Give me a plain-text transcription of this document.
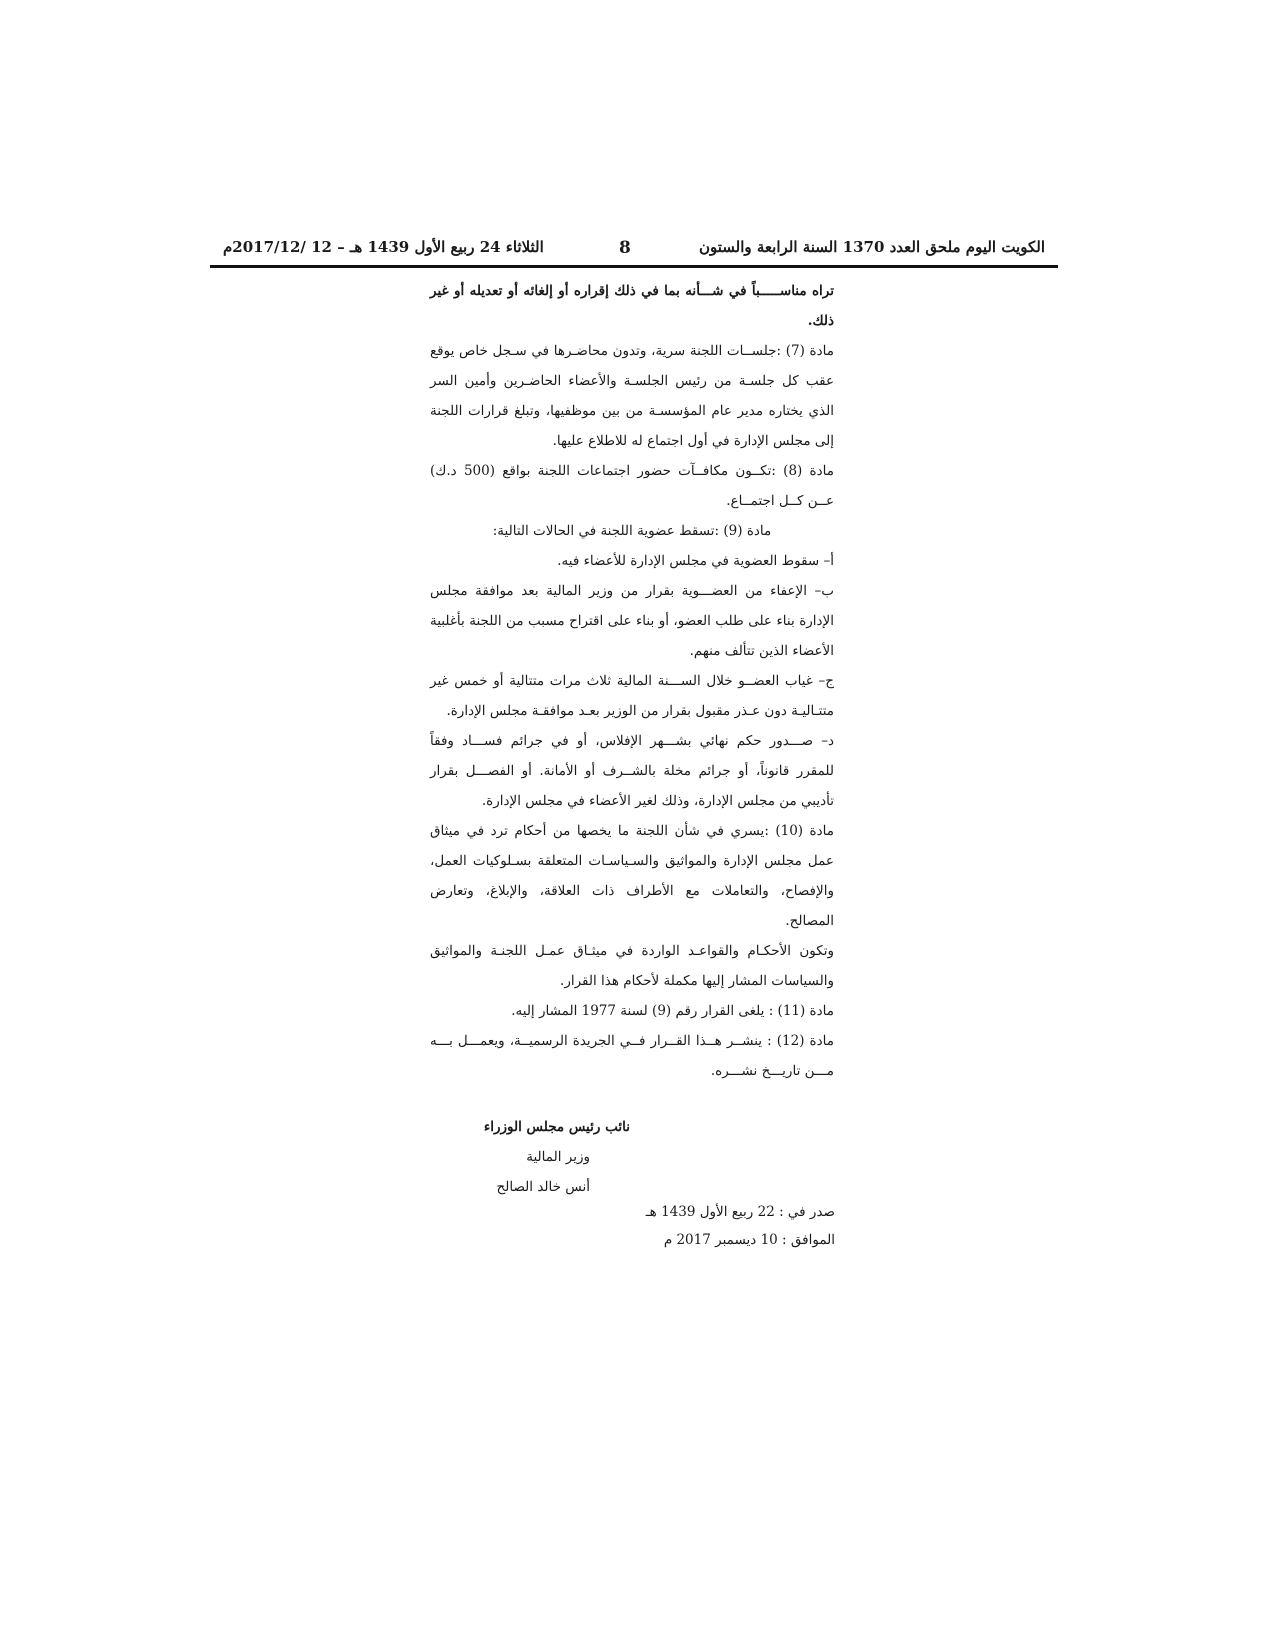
الكويت اليوم ملحق العدد 1370 السنة الرابعة والستون
8
الثلاثاء 24 ربيع الأول 1439 هـ – 12 /2017/12م

تراه مناســـــباً في شـــأنه بما في ذلك إقراره أو إلغائه أو تعديله أو غير ذلك.

مادة (7) :جلســات اللجنة سرية، وتدون محاضـرها في سـجل خاص يوقع عقب كل جلسـة من رئيس الجلسـة والأعضاء الحاضـرين وأمين السر الذي يختاره مدير عام المؤسسـة من بين موظفيها، وتبلغ قرارات اللجنة إلى مجلس الإدارة في أول اجتماع له للاطلاع عليها.

مادة (8) :تكــون مكافــآت حضور اجتماعات اللجنة بواقع (500 د.ك) عــن كــل اجتمــاع.

مادة (9) :تسقط عضوية اللجنة في الحالات التالية:

أ– سقوط العضوية في مجلس الإدارة للأعضاء فيه.

ب– الإعفاء من العضـــوية بقرار من وزير المالية بعد موافقة مجلس الإدارة بناء على طلب العضو، أو بناء على اقتراح مسبب من اللجنة بأغلبية الأعضاء الذين تتألف منهم.

ج– غياب العضــو خلال الســـنة المالية ثلاث مرات متتالية أو خمس غير متتـاليـة دون عـذر مقبول بقرار من الوزير بعـد موافقـة مجلس الإدارة.

د– صـــدور حكم نهائي بشـــهر الإفلاس، أو في جرائم فســـاد وفقاً للمقرر قانوناً، أو جرائم مخلة بالشــرف أو الأمانة. أو الفصـــل بقرار تأديبي من مجلس الإدارة، وذلك لغير الأعضاء في مجلس الإدارة.

مادة (10) :يسري في شأن اللجنة ما يخصها من أحكام ترد في ميثاق عمل مجلس الإدارة والمواثيق والسـياسـات المتعلقة بسـلوكيات العمل، والإفصاح، والتعاملات مع الأطراف ذات العلاقة، والإبلاغ، وتعارض المصالح.

وتكون الأحكـام والقواعـد الواردة في ميثـاق عمـل اللجنـة والمواثيق والسياسات المشار إليها مكملة لأحكام هذا القرار.

مادة (11) : يلغى القرار رقم (9) لسنة 1977 المشار إليه.

مادة (12) : ينشــر هــذا القــرار فــي الجريدة الرسميــة، ويعمـــل بـــه مـــن تاريـــخ نشـــره.

نائب رئيس مجلس الوزراء

وزير المالية

أنس خالد الصالح

صدر في : 22 ربيع الأول 1439 هـ

الموافق : 10 ديسمبر 2017 م
